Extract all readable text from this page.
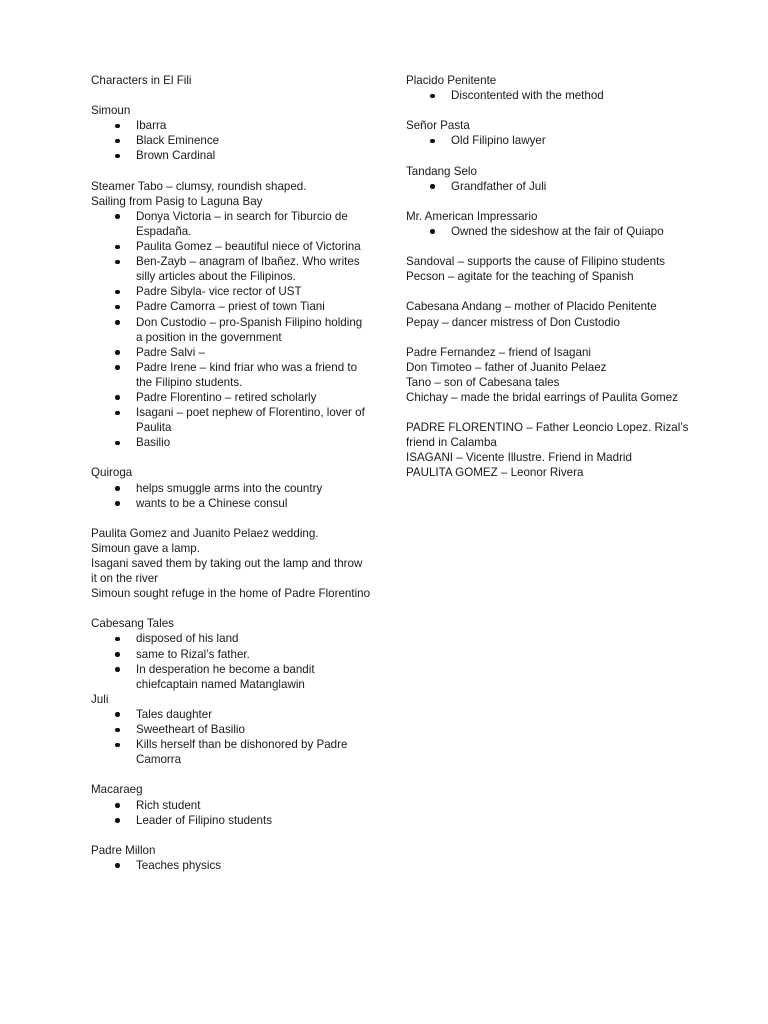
Characters in El Fili

Simoun

Ibarra
Black Eminence
Brown Cardinal

Steamer Tabo – clumsy, roundish shaped.

Sailing from Pasig to Laguna Bay

Donya Victoria – in search for Tiburcio de Espadaña.
Paulita Gomez – beautiful niece of Victorina
Ben-Zayb – anagram of Ibañez. Who writes silly articles about the Filipinos.
Padre Sibyla- vice rector of UST
Padre Camorra – priest of town Tiani
Don Custodio – pro-Spanish Filipino holding a position in the government
Padre Salvi –
Padre Irene – kind friar who was a friend to the Filipino students.
Padre Florentino – retired scholarly
Isagani – poet nephew of Florentino, lover of Paulita
Basilio

Quiroga

helps smuggle arms into the country
wants to be a Chinese consul

Paulita Gomez and Juanito Pelaez wedding.

Simoun gave a lamp.

Isagani saved them by taking out the lamp and throw it on the river

Simoun sought refuge in the home of Padre Florentino

Cabesang Tales

disposed of his land
same to Rizal’s father.
In desperation he become a bandit chiefcaptain named Matanglawin

Juli

Tales daughter
Sweetheart of Basilio
Kills herself than be dishonored by Padre Camorra

Macaraeg

Rich student
Leader of Filipino students

Padre Millon

Teaches physics

Placido Penitente

Discontented with the method

Señor Pasta

Old Filipino lawyer

Tandang Selo

Grandfather of Juli

Mr. American Impressario

Owned the sideshow at the fair of Quiapo

Sandoval – supports the cause of Filipino students

Pecson – agitate for the teaching of Spanish

Cabesana Andang – mother of Placido Penitente

Pepay – dancer mistress of Don Custodio

Padre Fernandez – friend of Isagani

Don Timoteo – father of Juanito Pelaez

Tano – son of Cabesana tales

Chichay – made the bridal earrings of Paulita Gomez

PADRE FLORENTINO – Father Leoncio Lopez. Rizal’s friend in Calamba

ISAGANI – Vicente Illustre. Friend in Madrid

PAULITA GOMEZ – Leonor Rivera
